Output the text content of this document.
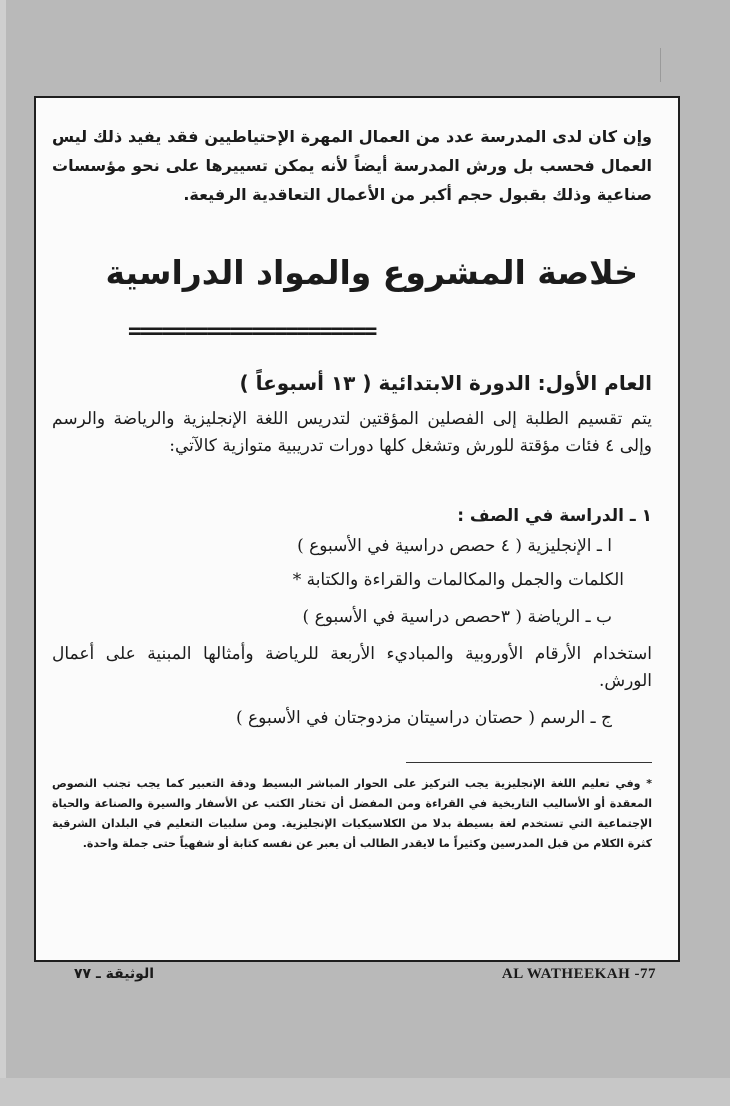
وإن كان لدى المدرسة عدد من العمال المهرة الإحتياطيين فقد يفيد ذلك ليس العمال فحسب بل ورش المدرسة أيضاً لأنه يمكن تسييرها على نحو مؤسسات صناعية وذلك بقبول حجم أكبر من الأعمال التعاقدية الرفيعة.

خلاصة المشروع والمواد الدراسية
======================
العام الأول: الدورة الابتدائية ( ١٣ أسبوعاً )

يتم تقسيم الطلبة إلى الفصلين المؤقتين لتدريس اللغة الإنجليزية والرياضة والرسم وإلى ٤ فئات مؤقتة للورش وتشغل كلها دورات تدريبية متوازية كالآتي:

١ ـ الدراسة في الصف :

ا ـ الإنجليزية ( ٤ حصص دراسية في الأسبوع )

الكلمات والجمل والمكالمات والقراءة والكتابة *

ب ـ الرياضة ( ٣حصص دراسية في الأسبوع )

استخدام الأرقام الأوروبية والمباديء الأربعة للرياضة وأمثالها المبنية على أعمال الورش.

ج ـ الرسم ( حصتان دراسيتان مزدوجتان في الأسبوع )

* وفي تعليم اللغة الإنجليزية يجب التركيز على الحوار المباشر البسيط ودقة التعبير كما يجب تجنب النصوص المعقدة أو الأساليب التاريخية في القراءة ومن المفضل أن تختار الكتب عن الأسفار والسيرة والصناعة والحياة الإجتماعية التي تستخدم لغة بسيطة بدلا من الكلاسيكيات الإنجليزية. ومن سلبيات التعليم في البلدان الشرقية كثرة الكلام من قبل المدرسين وكثيراً ما لايقدر الطالب أن يعبر عن نفسه كتابة أو شفهياً حتى جملة واحدة.

الوثيقة ـ ٧٧	AL WATHEEKAH -77
